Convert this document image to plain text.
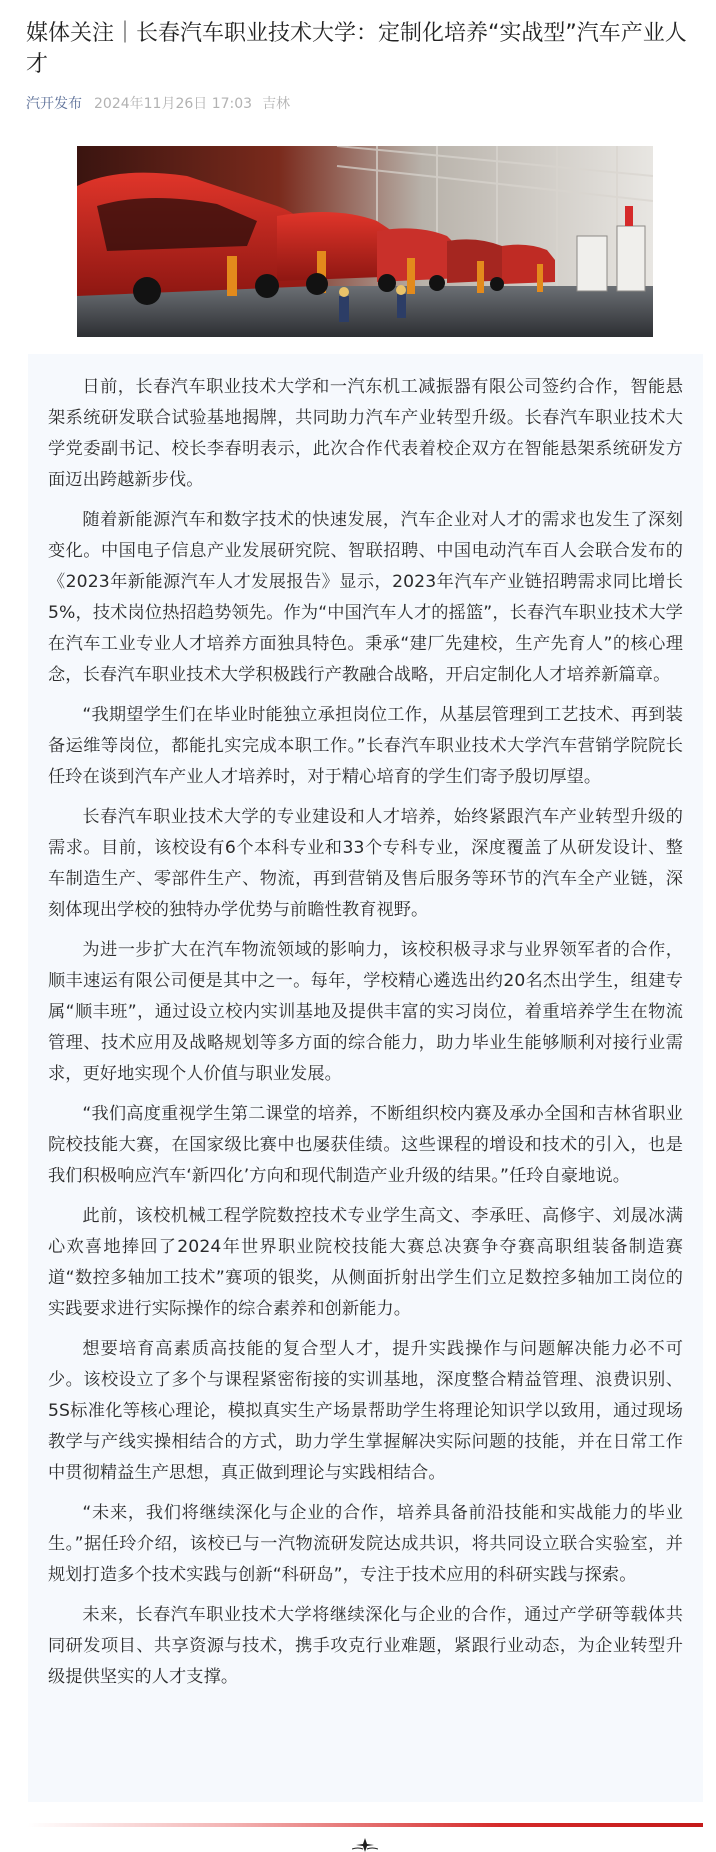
媒体关注｜长春汽车职业技术大学：定制化培养“实战型”汽车产业人才
汽开发布 2024年11月26日 17:03 吉林

日前，长春汽车职业技术大学和一汽东机工减振器有限公司签约合作，智能悬架系统研发联合试验基地揭牌，共同助力汽车产业转型升级。长春汽车职业技术大学党委副书记、校长李春明表示，此次合作代表着校企双方在智能悬架系统研发方面迈出跨越新步伐。

随着新能源汽车和数字技术的快速发展，汽车企业对人才的需求也发生了深刻变化。中国电子信息产业发展研究院、智联招聘、中国电动汽车百人会联合发布的《2023年新能源汽车人才发展报告》显示，2023年汽车产业链招聘需求同比增长5%，技术岗位热招趋势领先。作为“中国汽车人才的摇篮”，长春汽车职业技术大学在汽车工业专业人才培养方面独具特色。秉承“建厂先建校，生产先育人”的核心理念，长春汽车职业技术大学积极践行产教融合战略，开启定制化人才培养新篇章。

“我期望学生们在毕业时能独立承担岗位工作，从基层管理到工艺技术、再到装备运维等岗位，都能扎实完成本职工作。”长春汽车职业技术大学汽车营销学院院长任玲在谈到汽车产业人才培养时，对于精心培育的学生们寄予殷切厚望。

长春汽车职业技术大学的专业建设和人才培养，始终紧跟汽车产业转型升级的需求。目前，该校设有6个本科专业和33个专科专业，深度覆盖了从研发设计、整车制造生产、零部件生产、物流，再到营销及售后服务等环节的汽车全产业链，深刻体现出学校的独特办学优势与前瞻性教育视野。

为进一步扩大在汽车物流领域的影响力，该校积极寻求与业界领军者的合作，顺丰速运有限公司便是其中之一。每年，学校精心遴选出约20名杰出学生，组建专属“顺丰班”，通过设立校内实训基地及提供丰富的实习岗位，着重培养学生在物流管理、技术应用及战略规划等多方面的综合能力，助力毕业生能够顺利对接行业需求，更好地实现个人价值与职业发展。

“我们高度重视学生第二课堂的培养，不断组织校内赛及承办全国和吉林省职业院校技能大赛，在国家级比赛中也屡获佳绩。这些课程的增设和技术的引入，也是我们积极响应汽车‘新四化’方向和现代制造产业升级的结果。”任玲自豪地说。

此前，该校机械工程学院数控技术专业学生高文、李承旺、高修宇、刘晟冰满心欢喜地捧回了2024年世界职业院校技能大赛总决赛争夺赛高职组装备制造赛道“数控多轴加工技术”赛项的银奖，从侧面折射出学生们立足数控多轴加工岗位的实践要求进行实际操作的综合素养和创新能力。

想要培育高素质高技能的复合型人才，提升实践操作与问题解决能力必不可少。该校设立了多个与课程紧密衔接的实训基地，深度整合精益管理、浪费识别、5S标准化等核心理论，模拟真实生产场景帮助学生将理论知识学以致用，通过现场教学与产线实操相结合的方式，助力学生掌握解决实际问题的技能，并在日常工作中贯彻精益生产思想，真正做到理论与实践相结合。

“未来，我们将继续深化与企业的合作，培养具备前沿技能和实战能力的毕业生。”据任玲介绍，该校已与一汽物流研发院达成共识，将共同设立联合实验室，并规划打造多个技术实践与创新“科研岛”，专注于技术应用的科研实践与探索。

未来，长春汽车职业技术大学将继续深化与企业的合作，通过产学研等载体共同研发项目、共享资源与技术，携手攻克行业难题，紧跟行业动态，为企业转型升级提供坚实的人才支撑。
